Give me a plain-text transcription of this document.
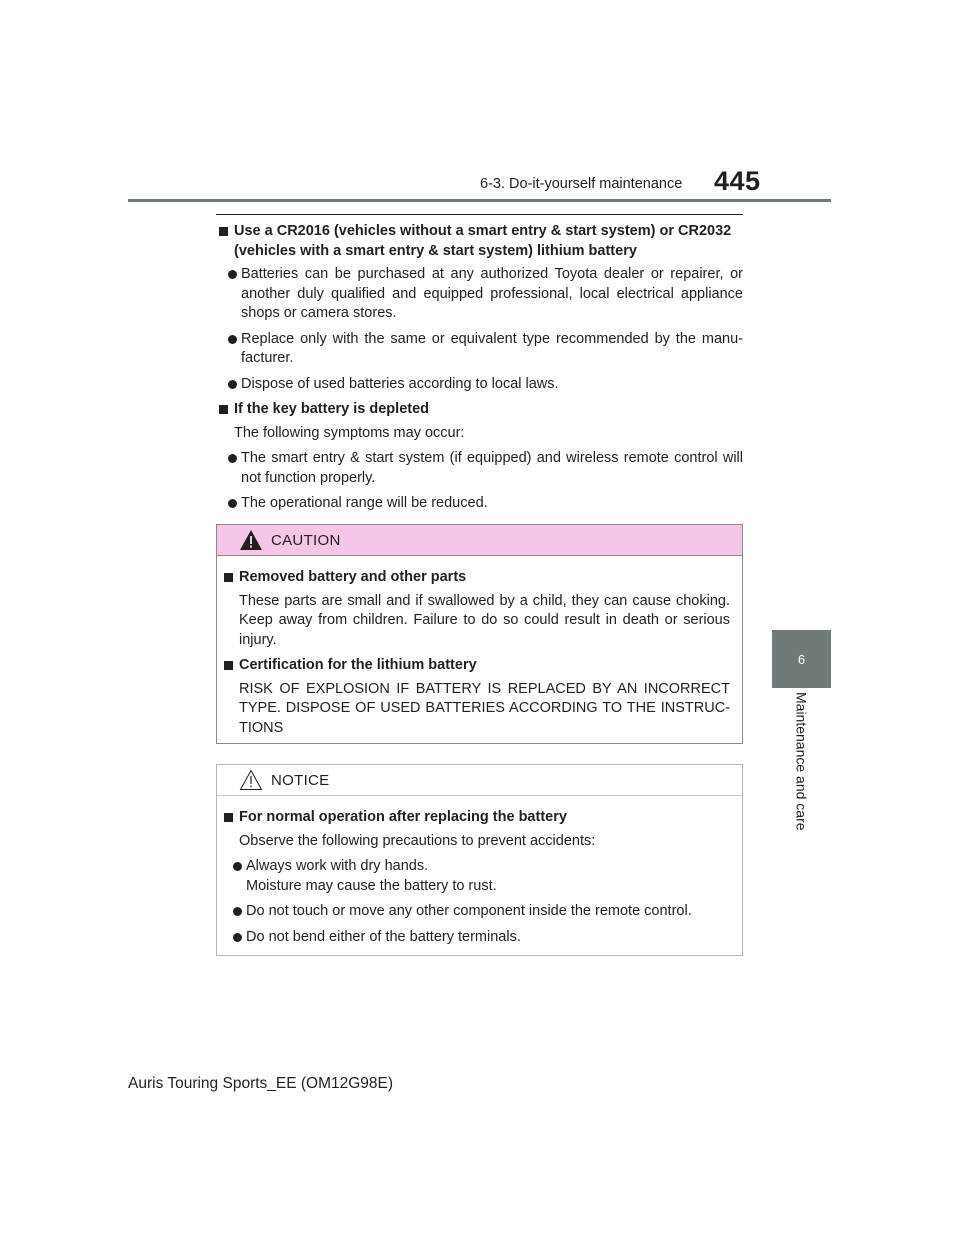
6-3. Do-it-yourself maintenance 445
6
Maintenance and care
Use a CR2016 (vehicles without a smart entry & start system) or CR2032
(vehicles with a smart entry & start system) lithium battery
Batteries can be purchased at any authorized Toyota dealer or repairer, or another duly qualified and equipped professional, local electrical appliance shops or camera stores.
Replace only with the same or equivalent type recommended by the manu-facturer.
Dispose of used batteries according to local laws.
If the key battery is depleted
The following symptoms may occur:
The smart entry & start system (if equipped) and wireless remote control will not function properly.
The operational range will be reduced.
CAUTION
Removed battery and other parts
These parts are small and if swallowed by a child, they can cause choking. Keep away from children. Failure to do so could result in death or serious injury.
Certification for the lithium battery
RISK OF EXPLOSION IF BATTERY IS REPLACED BY AN INCORRECT TYPE. DISPOSE OF USED BATTERIES ACCORDING TO THE INSTRUC-TIONS
NOTICE
For normal operation after replacing the battery
Observe the following precautions to prevent accidents:
Always work with dry hands.
Moisture may cause the battery to rust.
Do not touch or move any other component inside the remote control.
Do not bend either of the battery terminals.
Auris Touring Sports_EE (OM12G98E)
